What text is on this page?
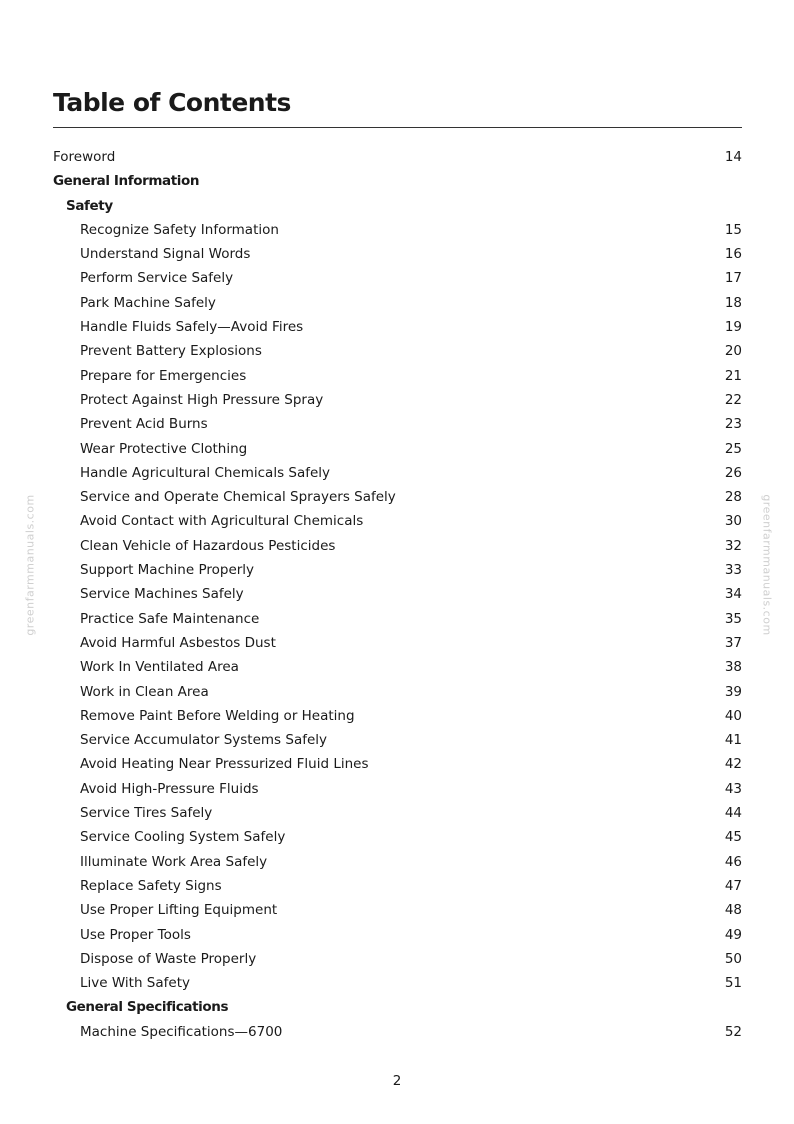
Table of Contents
Foreword	14
General Information
Safety
Recognize Safety Information	15
Understand Signal Words	16
Perform Service Safely	17
Park Machine Safely	18
Handle Fluids Safely—Avoid Fires	19
Prevent Battery Explosions	20
Prepare for Emergencies	21
Protect Against High Pressure Spray	22
Prevent Acid Burns	23
Wear Protective Clothing	25
Handle Agricultural Chemicals Safely	26
Service and Operate Chemical Sprayers Safely	28
Avoid Contact with Agricultural Chemicals	30
Clean Vehicle of Hazardous Pesticides	32
Support Machine Properly	33
Service Machines Safely	34
Practice Safe Maintenance	35
Avoid Harmful Asbestos Dust	37
Work In Ventilated Area	38
Work in Clean Area	39
Remove Paint Before Welding or Heating	40
Service Accumulator Systems Safely	41
Avoid Heating Near Pressurized Fluid Lines	42
Avoid High-Pressure Fluids	43
Service Tires Safely	44
Service Cooling System Safely	45
Illuminate Work Area Safely	46
Replace Safety Signs	47
Use Proper Lifting Equipment	48
Use Proper Tools	49
Dispose of Waste Properly	50
Live With Safety	51
General Specifications
Machine Specifications—6700	52
greenfarmmanuals.com	greenfarmmanuals.com
2
